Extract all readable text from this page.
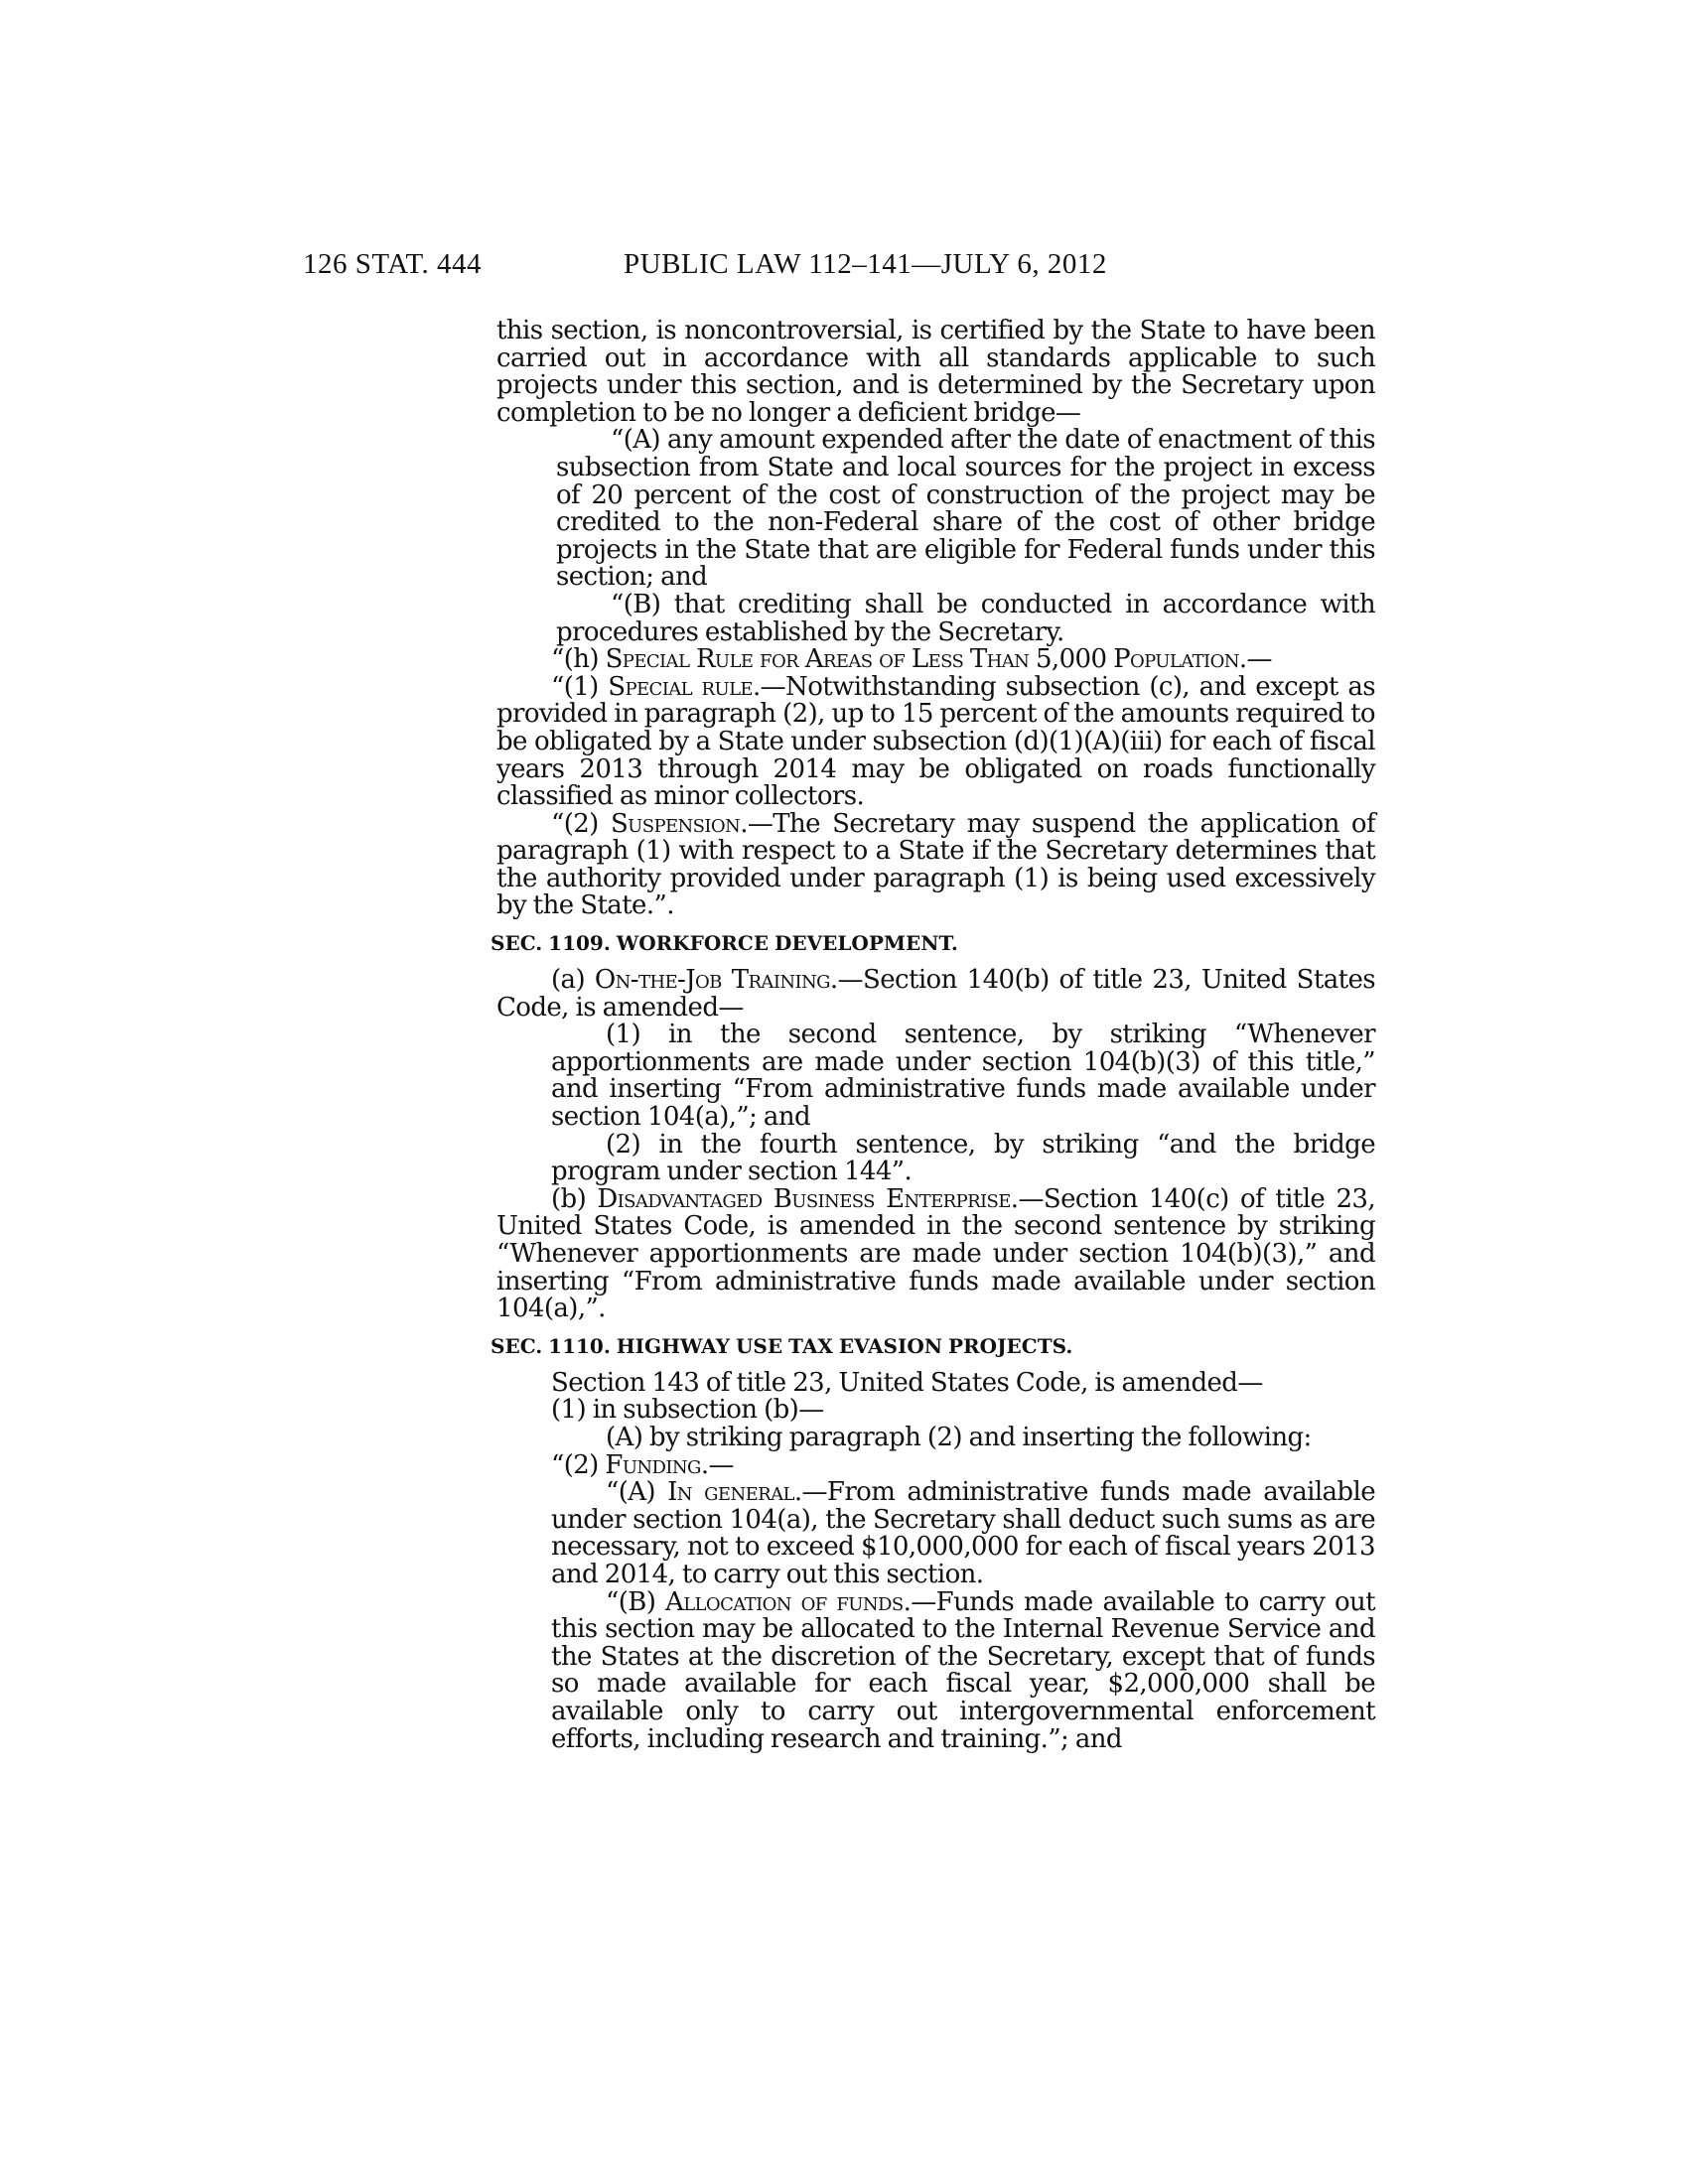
126 STAT. 444	PUBLIC LAW 112–141—JULY 6, 2012

this section, is noncontroversial, is certified by the State to have been carried out in accordance with all standards applicable to such projects under this section, and is determined by the Secretary upon completion to be no longer a deficient bridge—

“(A) any amount expended after the date of enactment of this subsection from State and local sources for the project in excess of 20 percent of the cost of construction of the project may be credited to the non-Federal share of the cost of other bridge projects in the State that are eligible for Federal funds under this section; and

“(B) that crediting shall be conducted in accordance with procedures established by the Secretary.

“(h) Special Rule for Areas of Less Than 5,000 Population.—

“(1) Special rule.—Notwithstanding subsection (c), and except as provided in paragraph (2), up to 15 percent of the amounts required to be obligated by a State under subsection (d)(1)(A)(iii) for each of fiscal years 2013 through 2014 may be obligated on roads functionally classified as minor collectors.

“(2) Suspension.—The Secretary may suspend the application of paragraph (1) with respect to a State if the Secretary determines that the authority provided under paragraph (1) is being used excessively by the State.”.

SEC. 1109. WORKFORCE DEVELOPMENT.

(a) On-the-Job Training.—Section 140(b) of title 23, United States Code, is amended—

(1) in the second sentence, by striking “Whenever apportionments are made under section 104(b)(3) of this title,” and inserting “From administrative funds made available under section 104(a),”; and

(2) in the fourth sentence, by striking “and the bridge program under section 144”.

(b) Disadvantaged Business Enterprise.—Section 140(c) of title 23, United States Code, is amended in the second sentence by striking “Whenever apportionments are made under section 104(b)(3),” and inserting “From administrative funds made available under section 104(a),”.

SEC. 1110. HIGHWAY USE TAX EVASION PROJECTS.

Section 143 of title 23, United States Code, is amended—

(1) in subsection (b)—

(A) by striking paragraph (2) and inserting the following:

“(2) Funding.—

“(A) In general.—From administrative funds made available under section 104(a), the Secretary shall deduct such sums as are necessary, not to exceed $10,000,000 for each of fiscal years 2013 and 2014, to carry out this section.

“(B) Allocation of funds.—Funds made available to carry out this section may be allocated to the Internal Revenue Service and the States at the discretion of the Secretary, except that of funds so made available for each fiscal year, $2,000,000 shall be available only to carry out intergovernmental enforcement efforts, including research and training.”; and
